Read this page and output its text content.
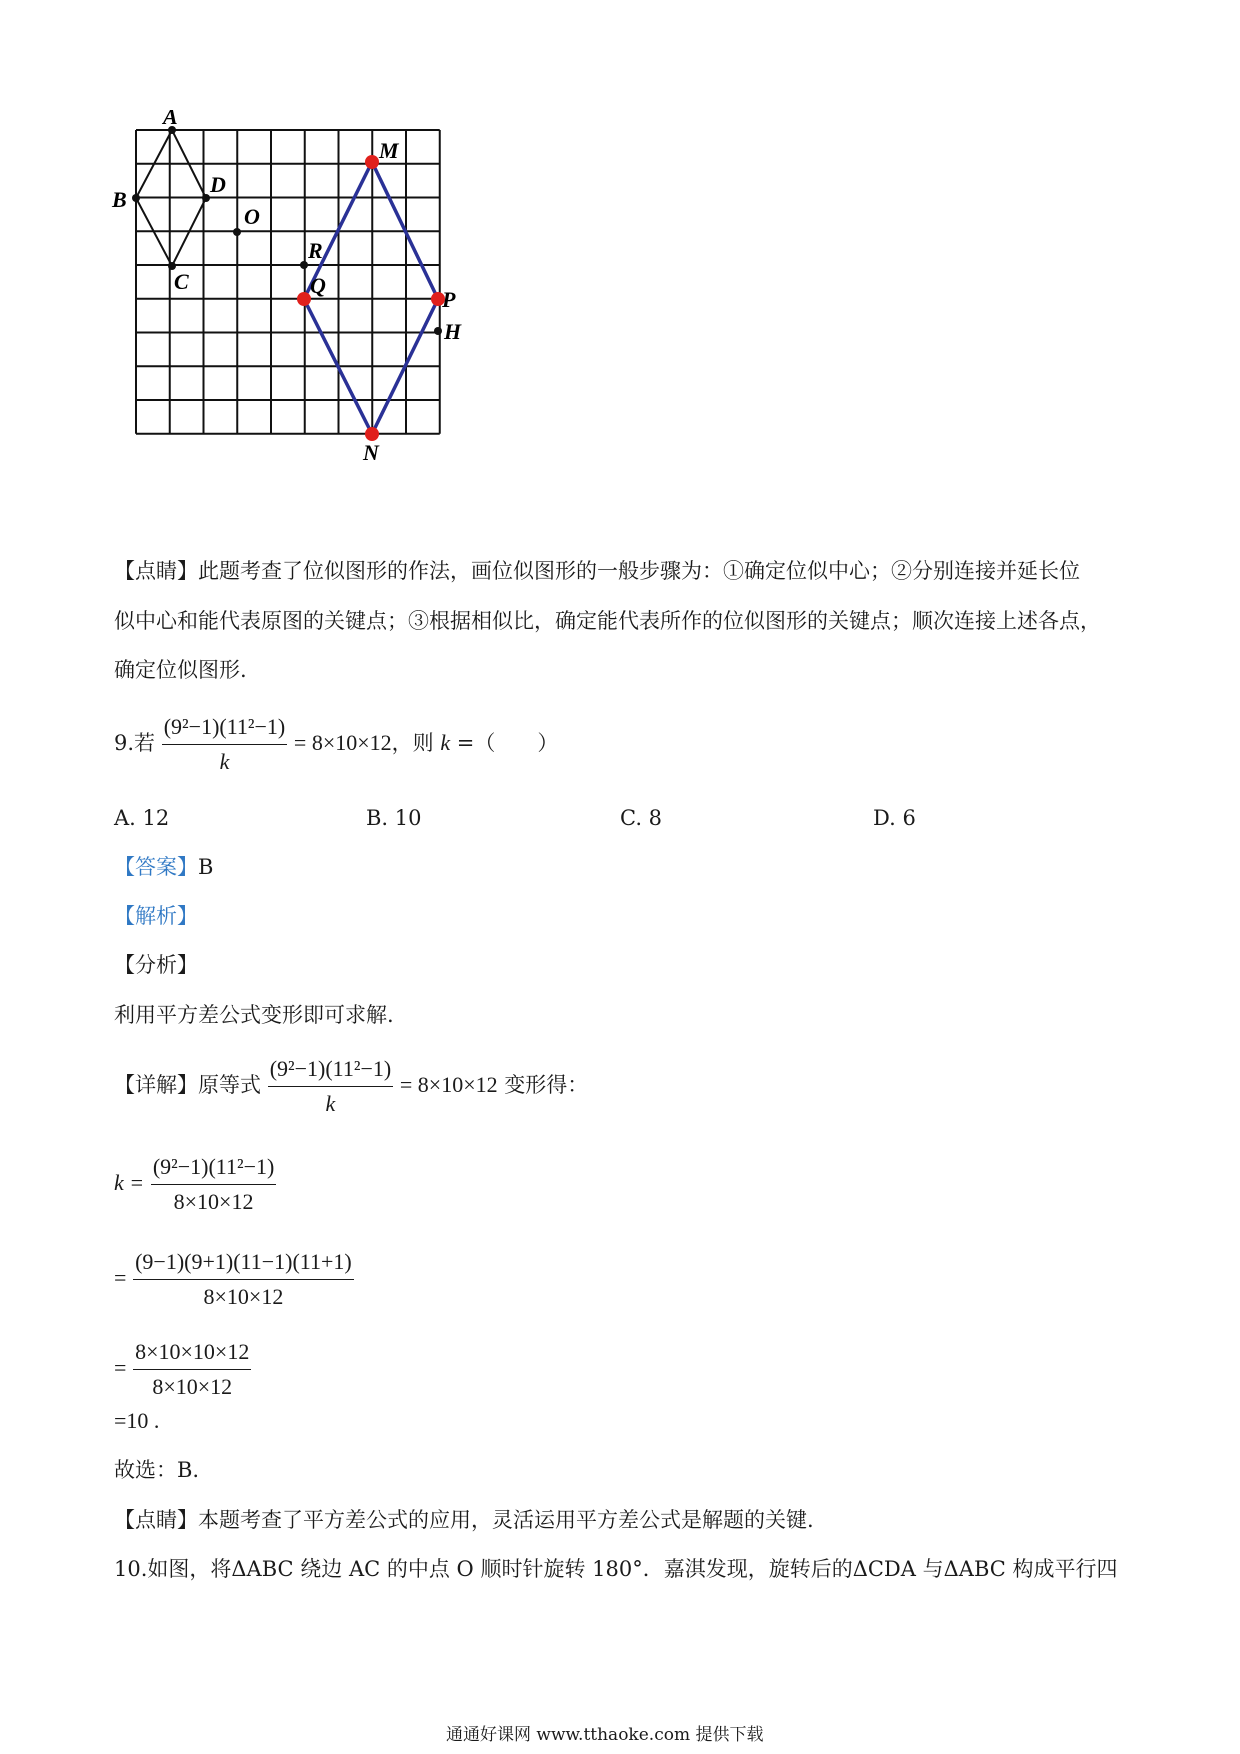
A
B
C
D
O
R
Q
M
P
H
N
【点睛】此题考查了位似图形的作法，画位似图形的一般步骤为：①确定位似中心；②分别连接并延长位
似中心和能代表原图的关键点；③根据相似比，确定能代表所作的位似图形的关键点；顺次连接上述各点，
确定位似图形.
9.若 $\frac{\text{(9²−1)(11²−1)}}{k} = 8\times 10\times 12$，则 k =（　　）
A. 12	B. 10	C. 8	D. 6
【答案】B
【解析】
【分析】
利用平方差公式变形即可求解.
【详解】原等式 $\frac{\text{(9²−1)(11²−1)}}{k} = 8\times 10\times 12$ 变形得：
$k = \frac{\text{(9²−1)(11²−1)}}{8\times 10\times 12}$
= $\frac{(9-1)(9+1)(11-1)(11+1)}{8\times 10\times 12}$
= $\frac{8\times 10\times 10\times 12}{8\times 10\times 12}$
=10 .
故选：B.
【点睛】本题考查了平方差公式的应用，灵活运用平方差公式是解题的关键.
10.如图，将ΔABC 绕边 AC 的中点 O 顺时针旋转 180°．嘉淇发现，旋转后的ΔCDA 与ΔABC 构成平行四
通通好课网 www.tthaoke.com 提供下载
